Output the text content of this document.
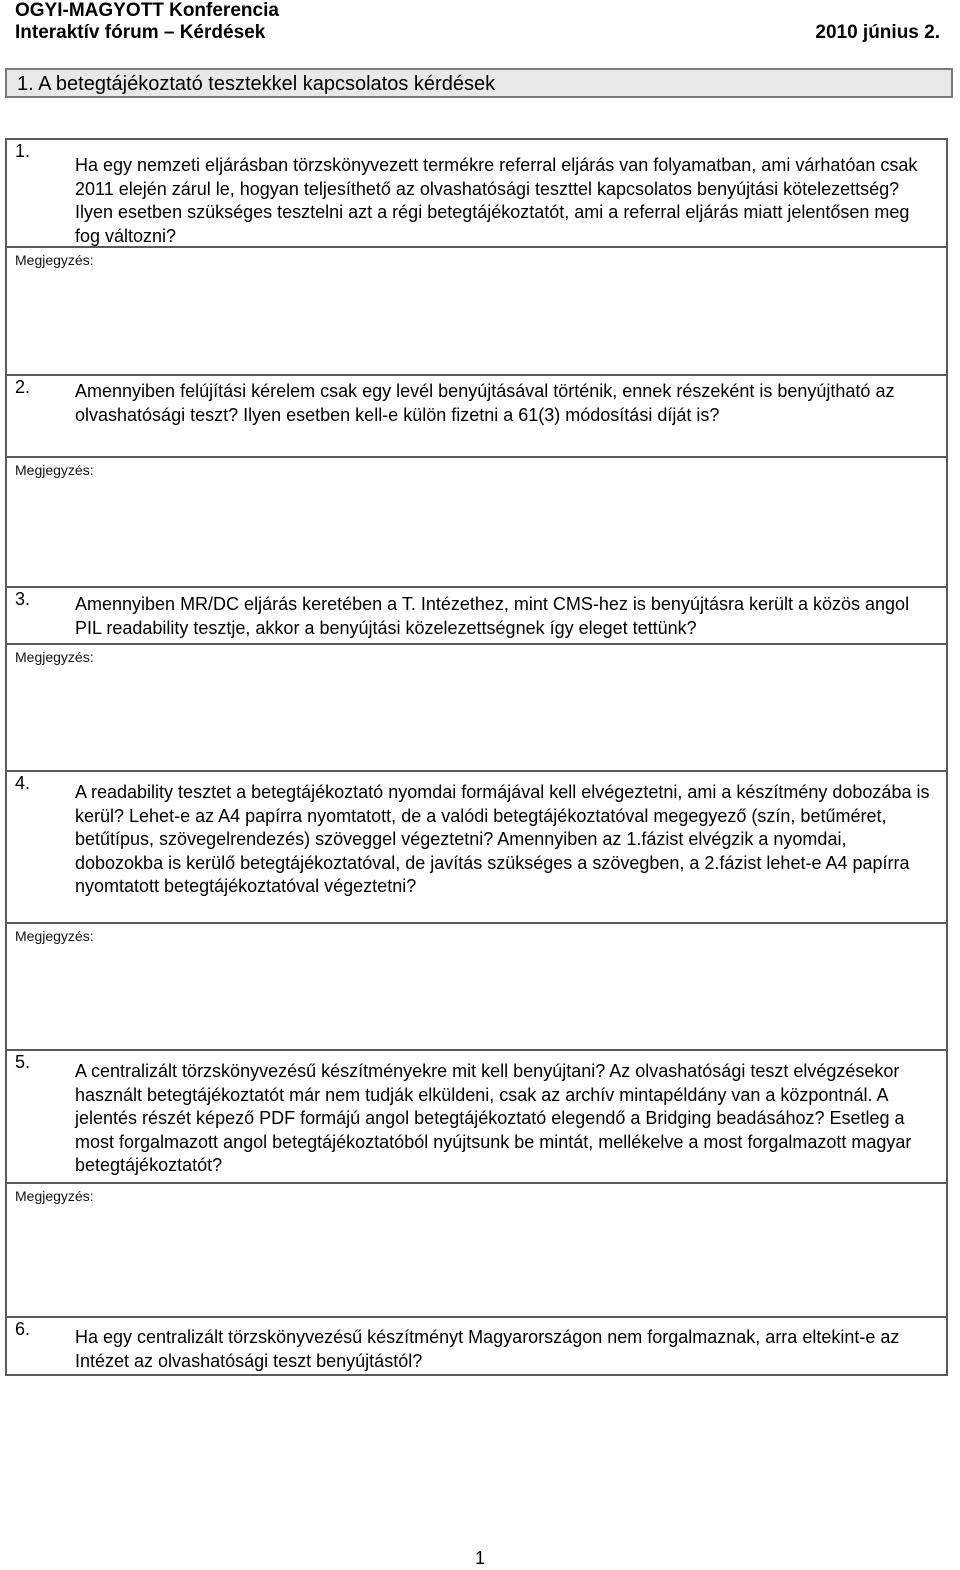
OGYI-MAGYOTT Konferencia
Interaktív fórum – Kérdések	2010 június 2.
1. A betegtájékoztató tesztekkel kapcsolatos kérdések
1.
Ha egy nemzeti eljárásban törzskönyvezett termékre referral eljárás van folyamatban, ami várhatóan csak 2011 elején zárul le, hogyan teljesíthető az olvashatósági teszttel kapcsolatos benyújtási kötelezettség? Ilyen esetben szükséges tesztelni azt a régi betegtájékoztatót, ami a referral eljárás miatt jelentősen meg fog változni?
Megjegyzés:
2. Amennyiben felújítási kérelem csak egy levél benyújtásával történik, ennek részeként is benyújtható az olvashatósági teszt? Ilyen esetben kell-e külön fizetni a 61(3) módosítási díját is?
Megjegyzés:
3. Amennyiben MR/DC eljárás keretében a T. Intézethez, mint CMS-hez is benyújtásra került a közös angol PIL readability tesztje, akkor a benyújtási közelezettségnek így eleget tettünk?
Megjegyzés:
4. A readability tesztet a betegtájékoztató nyomdai formájával kell elvégeztetni, ami a készítmény dobozába is kerül? Lehet-e az A4 papírra nyomtatott, de a valódi betegtájékoztatóval megegyező (szín, betűméret, betűtípus, szövegelrendezés) szöveggel végeztetni? Amennyiben az 1.fázist elvégzik a nyomdai, dobozokba is kerülő betegtájékoztatóval, de javítás szükséges a szövegben, a 2.fázist lehet-e A4 papírra nyomtatott betegtájékoztatóval végeztetni?
Megjegyzés:
5. A centralizált törzskönyvezésű készítményekre mit kell benyújtani? Az olvashatósági teszt elvégzésekor használt betegtájékoztatót már nem tudják elküldeni, csak az archív mintapéldány van a központnál. A jelentés részét képező PDF formájú angol betegtájékoztató elegendő a Bridging beadásához? Esetleg a most forgalmazott angol betegtájékoztatóból nyújtsunk be mintát, mellékelve a most forgalmazott magyar betegtájékoztatót?
Megjegyzés:
6. Ha egy centralizált törzskönyvezésű készítményt Magyarországon nem forgalmaznak, arra eltekint-e az Intézet az olvashatósági teszt benyújtástól?
1
